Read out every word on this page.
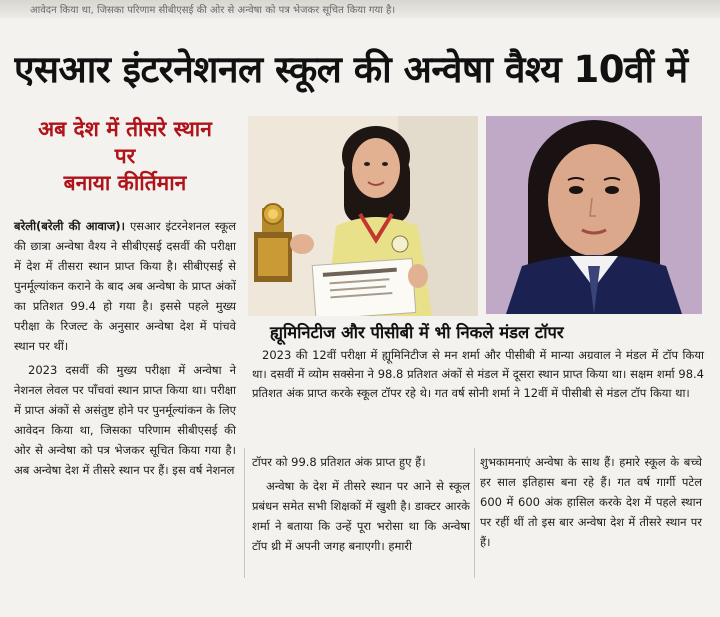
आवेदन किया था, जिसका परिणाम सीबीएसई की ओर से अन्वेषा को पत्र भेजकर सूचित किया गया है।
एसआर इंटरनेशनल स्कूल की अन्वेषा वैश्य 10वीं में
अब देश में तीसरे स्थान
पर
बनाया कीर्तिमान

बरेली(बरेली की आवाज)। एसआर इंटरनेशनल स्कूल की छात्रा अन्वेषा वैश्य ने सीबीएसई दसवीं की परीक्षा में देश में तीसरा स्थान प्राप्त किया है। सीबीएसई से पुनर्मूल्यांकन कराने के बाद अब अन्वेषा के प्राप्त अंकों का प्रतिशत 99.4 हो गया है। इससे पहले मुख्य परीक्षा के रिजल्ट के अनुसार अन्वेषा देश में पांचवे स्थान पर थीं।

2023 दसवीं की मुख्य परीक्षा में अन्वेषा ने नेशनल लेवल पर पाँचवां स्थान प्राप्त किया था। परीक्षा में प्राप्त अंकों से असंतुष्ट होने पर पुनर्मूल्यांकन के लिए आवेदन किया था, जिसका परिणाम सीबीएसई की ओर से अन्वेषा को पत्र भेजकर सूचित किया गया है। अब अन्वेषा देश में तीसरे स्थान पर हैं। इस वर्ष नेशनल

ह्यूमिनिटीज और पीसीबी में भी निकले मंडल टॉपर
2023 की 12वीं परीक्षा में ह्यूमिनिटीज से मन शर्मा और पीसीबी में मान्या अग्रवाल ने मंडल में टॉप किया था। दसवीं में व्योम सक्सेना ने 98.8 प्रतिशत अंकों से मंडल में दूसरा स्थान प्राप्त किया था। सक्षम शर्मा 98.4 प्रतिशत अंक प्राप्त करके स्कूल टॉपर रहे थे। गत वर्ष सोनी शर्मा ने 12वीं में पीसीबी से मंडल टॉप किया था।

टॉपर को 99.8 प्रतिशत अंक प्राप्त हुए हैं।

अन्वेषा के देश में तीसरे स्थान पर आने से स्कूल प्रबंधन समेत सभी शिक्षकों में खुशी है। डाक्टर आरके शर्मा ने बताया कि उन्हें पूरा भरोसा था कि अन्वेषा टॉप थ्री में अपनी जगह बनाएगी। हमारी

शुभकामनाएं अन्वेषा के साथ हैं। हमारे स्कूल के बच्चे हर साल इतिहास बना रहे हैं। गत वर्ष गार्गी पटेल 600 में 600 अंक हासिल करके देश में पहले स्थान पर रहीं थीं तो इस बार अन्वेषा देश में तीसरे स्थान पर हैं।
